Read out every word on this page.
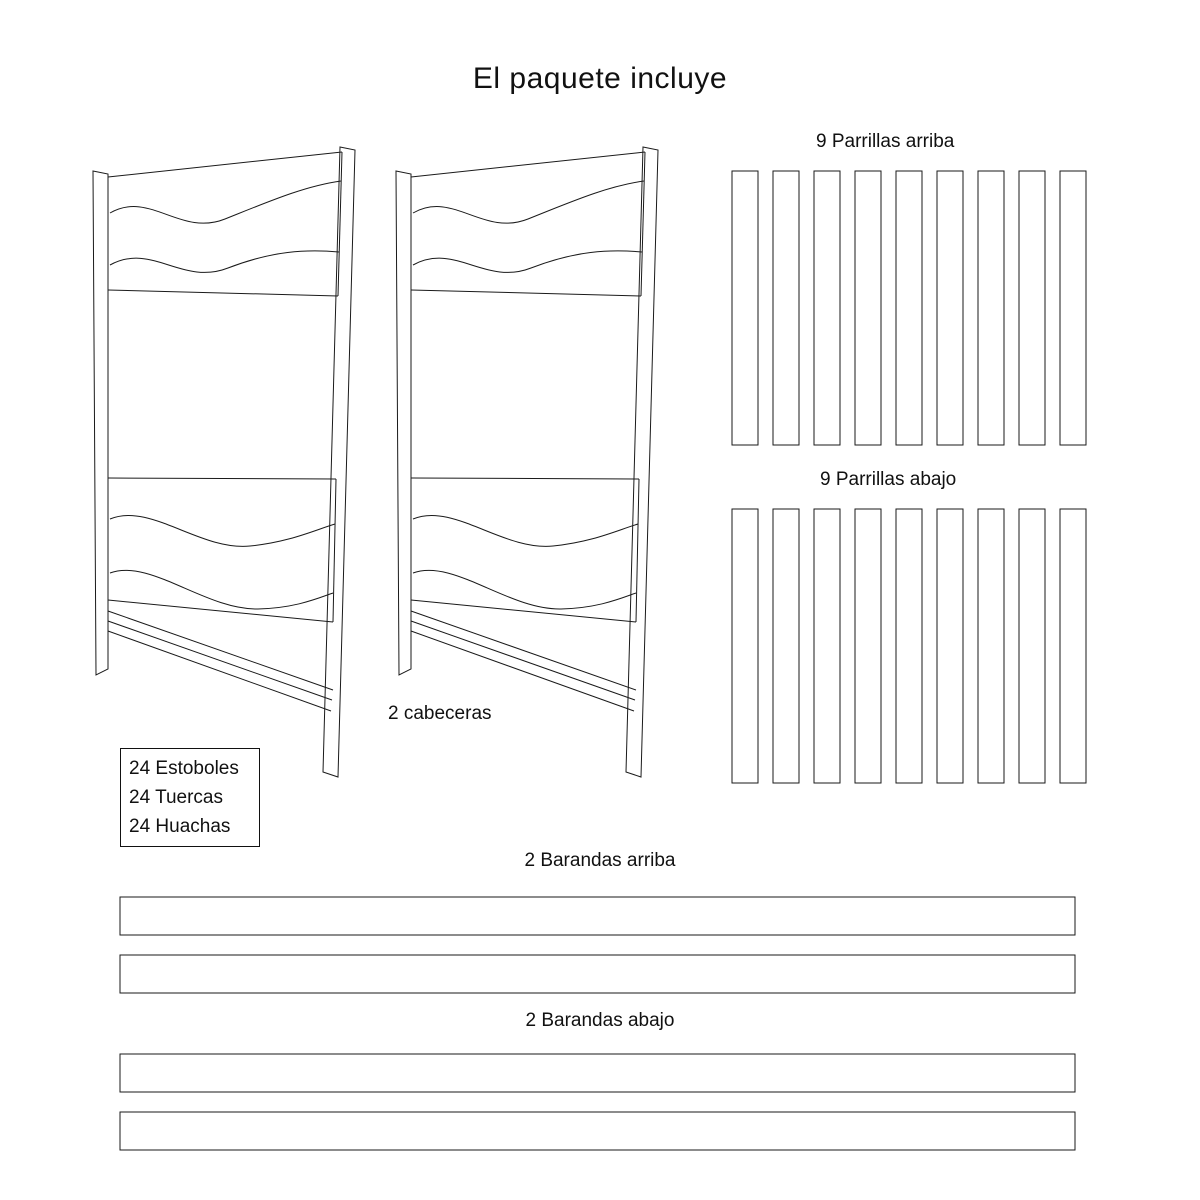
El paquete incluye
9 Parrillas arriba
9 Parrillas abajo
2 cabeceras
2 Barandas arriba
2 Barandas abajo
24 Estoboles
24 Tuercas
24 Huachas
